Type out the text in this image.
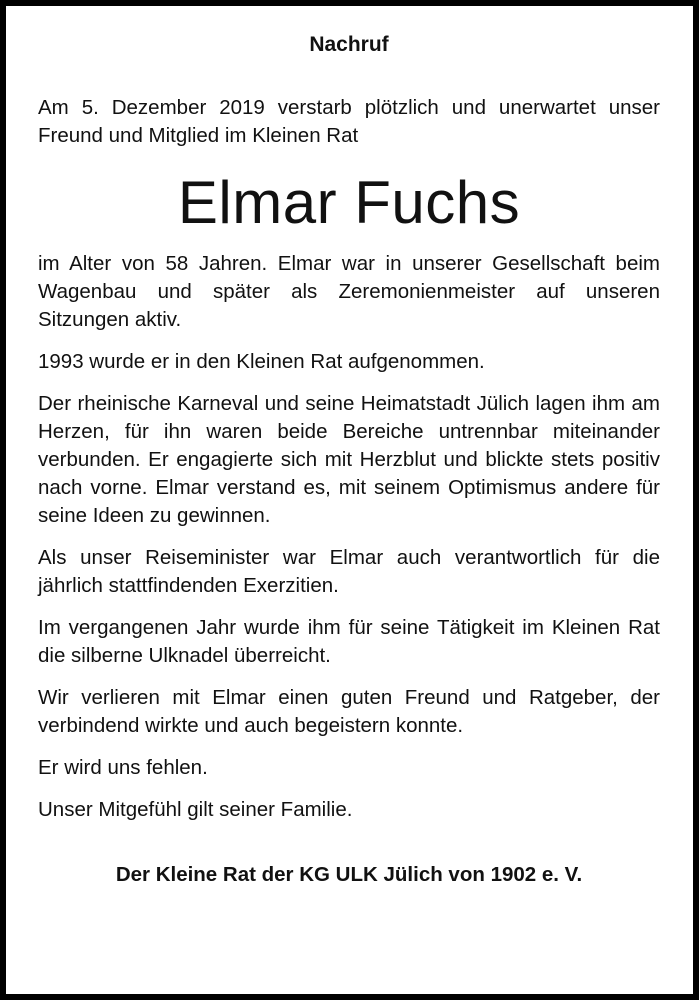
Nachruf

Am 5. Dezember 2019 verstarb plötzlich und unerwartet unser Freund und Mitglied im Kleinen Rat

Elmar Fuchs

im Alter von 58 Jahren. Elmar war in unserer Gesellschaft beim Wagenbau und später als Zeremonienmeister auf unseren Sitzungen aktiv.

1993 wurde er in den Kleinen Rat aufgenommen.

Der rheinische Karneval und seine Heimatstadt Jülich lagen ihm am Herzen, für ihn waren beide Bereiche untrennbar miteinander verbunden. Er engagierte sich mit Herzblut und blickte stets positiv nach vorne. Elmar verstand es, mit seinem Optimismus andere für seine Ideen zu gewinnen.

Als unser Reiseminister war Elmar auch verantwortlich für die jährlich stattfindenden Exerzitien.

Im vergangenen Jahr wurde ihm für seine Tätigkeit im Kleinen Rat die silberne Ulknadel überreicht.

Wir verlieren mit Elmar einen guten Freund und Ratgeber, der verbindend wirkte und auch begeistern konnte.

Er wird uns fehlen.

Unser Mitgefühl gilt seiner Familie.

Der Kleine Rat der KG ULK Jülich von 1902 e. V.
